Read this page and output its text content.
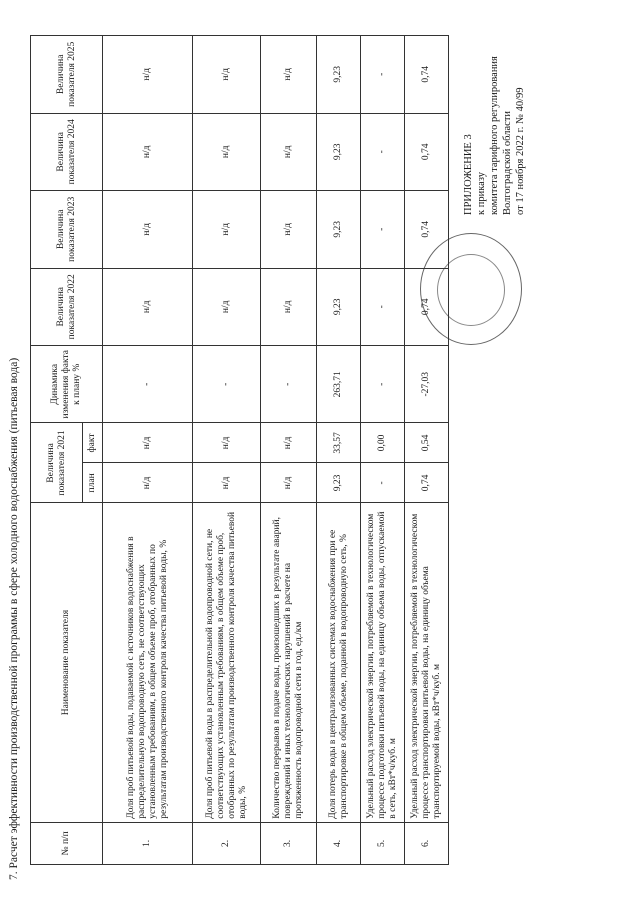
ПРИЛОЖЕНИЕ 3 к приказу комитета тарифного регулирования Волгоградской области от 17 ноября 2022 г. № 40/99
7. Расчет эффективности производственной программы в сфере холодного водоснабжения (питьевая вода)	№ п/п	Наименование показателя	Величина показателя 2021		Динамика изменения факта к плану %	Величина показателя 2022	Величина показателя 2023	Величина показателя 2024	Величина показателя 2025
		план	факт					
1.	Доля проб питьевой воды, подаваемой с источников водоснабжения в распределительную водопроводную сеть, не соответствующих установленным требованиям, в общем объеме проб, отобранных по результатам производственного контроля качества питьевой воды, %	н/д	н/д	-	н/д	н/д	н/д	н/д
2.	Доля проб питьевой воды в распределительной водопроводной сети, не соответствующих установленным требованиям, в общем объеме проб, отобранных по результатам производственного контроля качества питьевой воды, %	н/д	н/д	-	н/д	н/д	н/д	н/д
3.	Количество перерывов в подаче воды, произошедших в результате аварий, повреждений и иных технологических нарушений в расчете на протяженность водопроводной сети в год, ед./км	н/д	н/д	-	н/д	н/д	н/д	н/д
4.	Доля потерь воды в централизованных системах водоснабжения при ее транспортировке в общем объеме, поданной в водопроводную сеть, %	9,23	33,57	263,71	9,23	9,23	9,23	9,23
5.	Удельный расход электрической энергии, потребляемой в технологическом процессе подготовки питьевой воды, на единицу объема воды, отпускаемой в сеть, кВт*ч/куб. м	-	0,00	-	-	-	-	-
6.	Удельный расход электрической энергии, потребляемой в технологическом процессе транспортировки питьевой воды, на единицу объема транспортируемой воды, кВт*ч/куб. м	0,74	0,54	-27,03	0,74	0,74	0,74	0,74
